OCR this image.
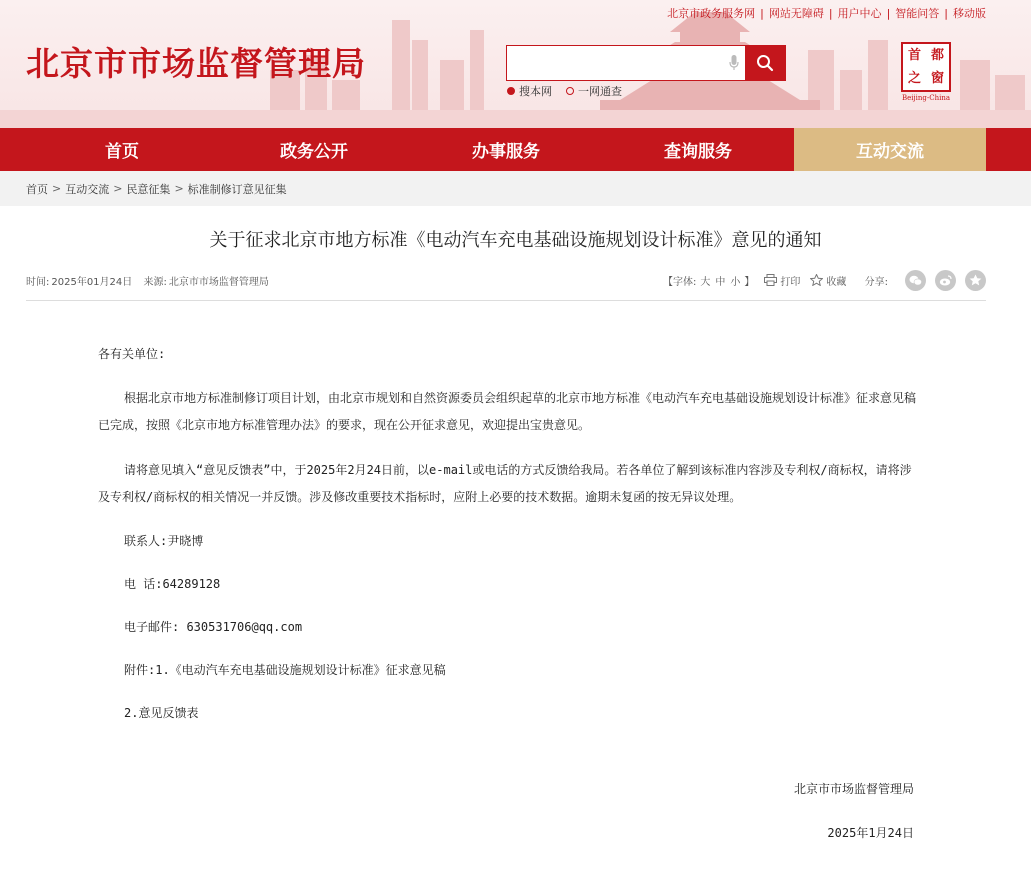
北京市市场监督管理局
北京市政务服务网 | 网站无障碍 | 用户中心 | 智能问答 | 移动版
搜本网 一网通查
首 都
之 窗
Beijing-China
首页	政务公开	办事服务	查询服务	互动交流
首页 > 互动交流 > 民意征集 > 标准制修订意见征集
关于征求北京市地方标准《电动汽车充电基础设施规划设计标准》意见的通知
时间: 2025年01月24日 来源: 北京市市场监督管理局	【字体: 大 中 小 】	打印	收藏 分享:

各有关单位:

根据北京市地方标准制修订项目计划，由北京市规划和自然资源委员会组织起草的北京市地方标准《电动汽车充电基础设施规划设计标准》征求意见稿已完成，按照《北京市地方标准管理办法》的要求，现在公开征求意见，欢迎提出宝贵意见。

请将意见填入“意见反馈表”中，于2025年2月24日前，以e-mail或电话的方式反馈给我局。若各单位了解到该标准内容涉及专利权/商标权，请将涉及专利权/商标权的相关情况一并反馈。涉及修改重要技术指标时，应附上必要的技术数据。逾期未复函的按无异议处理。

联系人:尹晓博

电 话:64289128

电子邮件: 630531706@qq.com

附件:1.《电动汽车充电基础设施规划设计标准》征求意见稿

2.意见反馈表

北京市市场监督管理局
2025年1月24日
